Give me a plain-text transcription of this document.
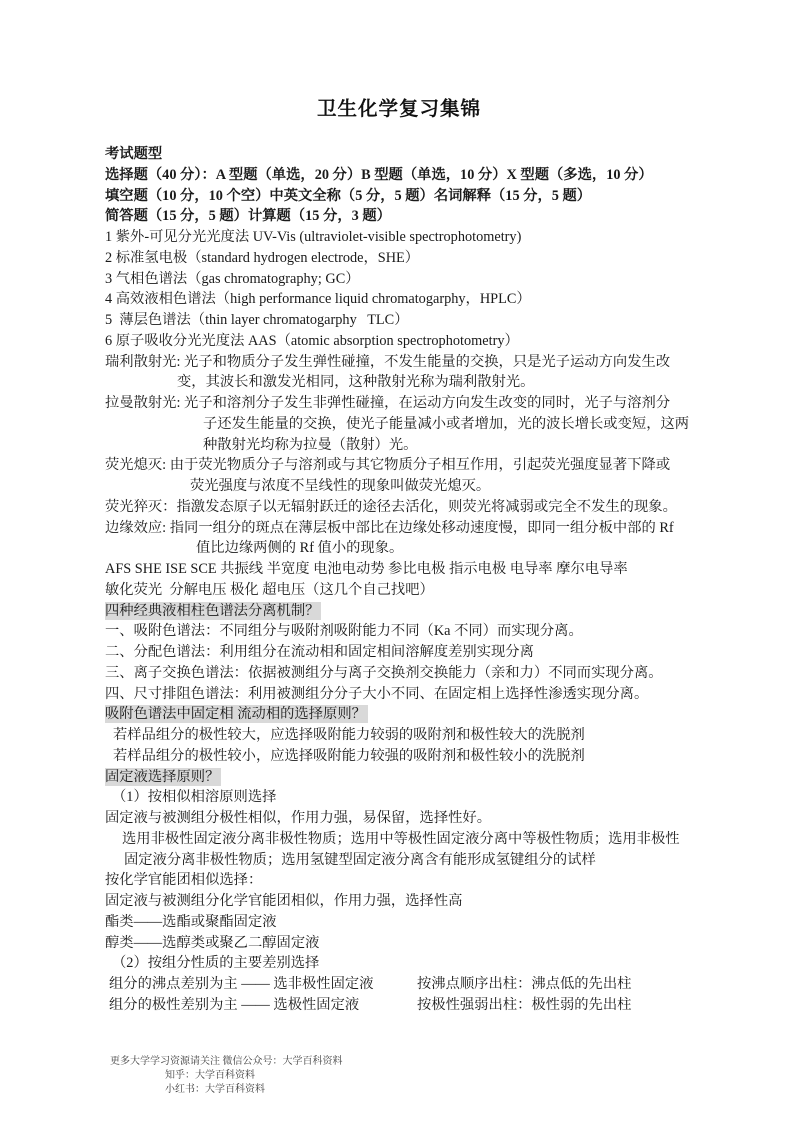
卫生化学复习集锦
考试题型
选择题（40 分）：A 型题（单选，20 分）B 型题（单选，10 分）X 型题（多选，10 分）
填空题（10 分，10 个空）中英文全称（5 分，5 题）名词解释（15 分，5 题）
简答题（15 分，5 题）计算题（15 分，3 题）
1 紫外-可见分光光度法 UV-Vis (ultraviolet-visible spectrophotometry)
2 标准氢电极（standard hydrogen electrode，SHE）
3 气相色谱法（gas chromatography; GC）
4 高效液相色谱法（high performance liquid chromatogarphy，HPLC）
5  薄层色谱法（thin layer chromatogarphy   TLC）
6 原子吸收分光光度法 AAS（atomic absorption spectrophotometry）
瑞利散射光: 光子和物质分子发生弹性碰撞，不发生能量的交换，只是光子运动方向发生改
变，其波长和激发光相同，这种散射光称为瑞利散射光。
拉曼散射光: 光子和溶剂分子发生非弹性碰撞，在运动方向发生改变的同时，光子与溶剂分
子还发生能量的交换，使光子能量减小或者增加，光的波长增长或变短，这两
种散射光均称为拉曼（散射）光。
荧光熄灭: 由于荧光物质分子与溶剂或与其它物质分子相互作用，引起荧光强度显著下降或
荧光强度与浓度不呈线性的现象叫做荧光熄灭。
荧光猝灭：指激发态原子以无辐射跃迁的途径去活化，则荧光将减弱或完全不发生的现象。
边缘效应: 指同一组分的斑点在薄层板中部比在边缘处移动速度慢，即同一组分板中部的 Rf
值比边缘两侧的 Rf 值小的现象。
AFS SHE ISE SCE 共振线 半宽度 电池电动势 参比电极 指示电极 电导率 摩尔电导率
敏化荧光  分解电压 极化 超电压（这几个自己找吧）
四种经典液相柱色谱法分离机制？
一、吸附色谱法：不同组分与吸附剂吸附能力不同（Ka 不同）而实现分离。
二、分配色谱法：利用组分在流动相和固定相间溶解度差别实现分离
三、离子交换色谱法：依据被测组分与离子交换剂交换能力（亲和力）不同而实现分离。
四、尺寸排阻色谱法：利用被测组分分子大小不同、在固定相上选择性渗透实现分离。
吸附色谱法中固定相 流动相的选择原则？
若样品组分的极性较大，应选择吸附能力较弱的吸附剂和极性较大的洗脱剂
若样品组分的极性较小，应选择吸附能力较强的吸附剂和极性较小的洗脱剂
固定液选择原则？
（1）按相似相溶原则选择
固定液与被测组分极性相似，作用力强，易保留，选择性好。
选用非极性固定液分离非极性物质；选用中等极性固定液分离中等极性物质；选用非极性
固定液分离非极性物质；选用氢键型固定液分离含有能形成氢键组分的试样
按化学官能团相似选择：
固定液与被测组分化学官能团相似，作用力强，选择性高
酯类——选酯或聚酯固定液
醇类——选醇类或聚乙二醇固定液
（2）按组分性质的主要差别选择
组分的沸点差别为主 —— 选非极性固定液	按沸点顺序出柱：沸点低的先出柱
组分的极性差别为主 —— 选极性固定液	按极性强弱出柱：极性弱的先出柱

更多大学学习资源请关注 微信公众号：大学百科资料
知乎：大学百科资料
小红书：大学百科资料
